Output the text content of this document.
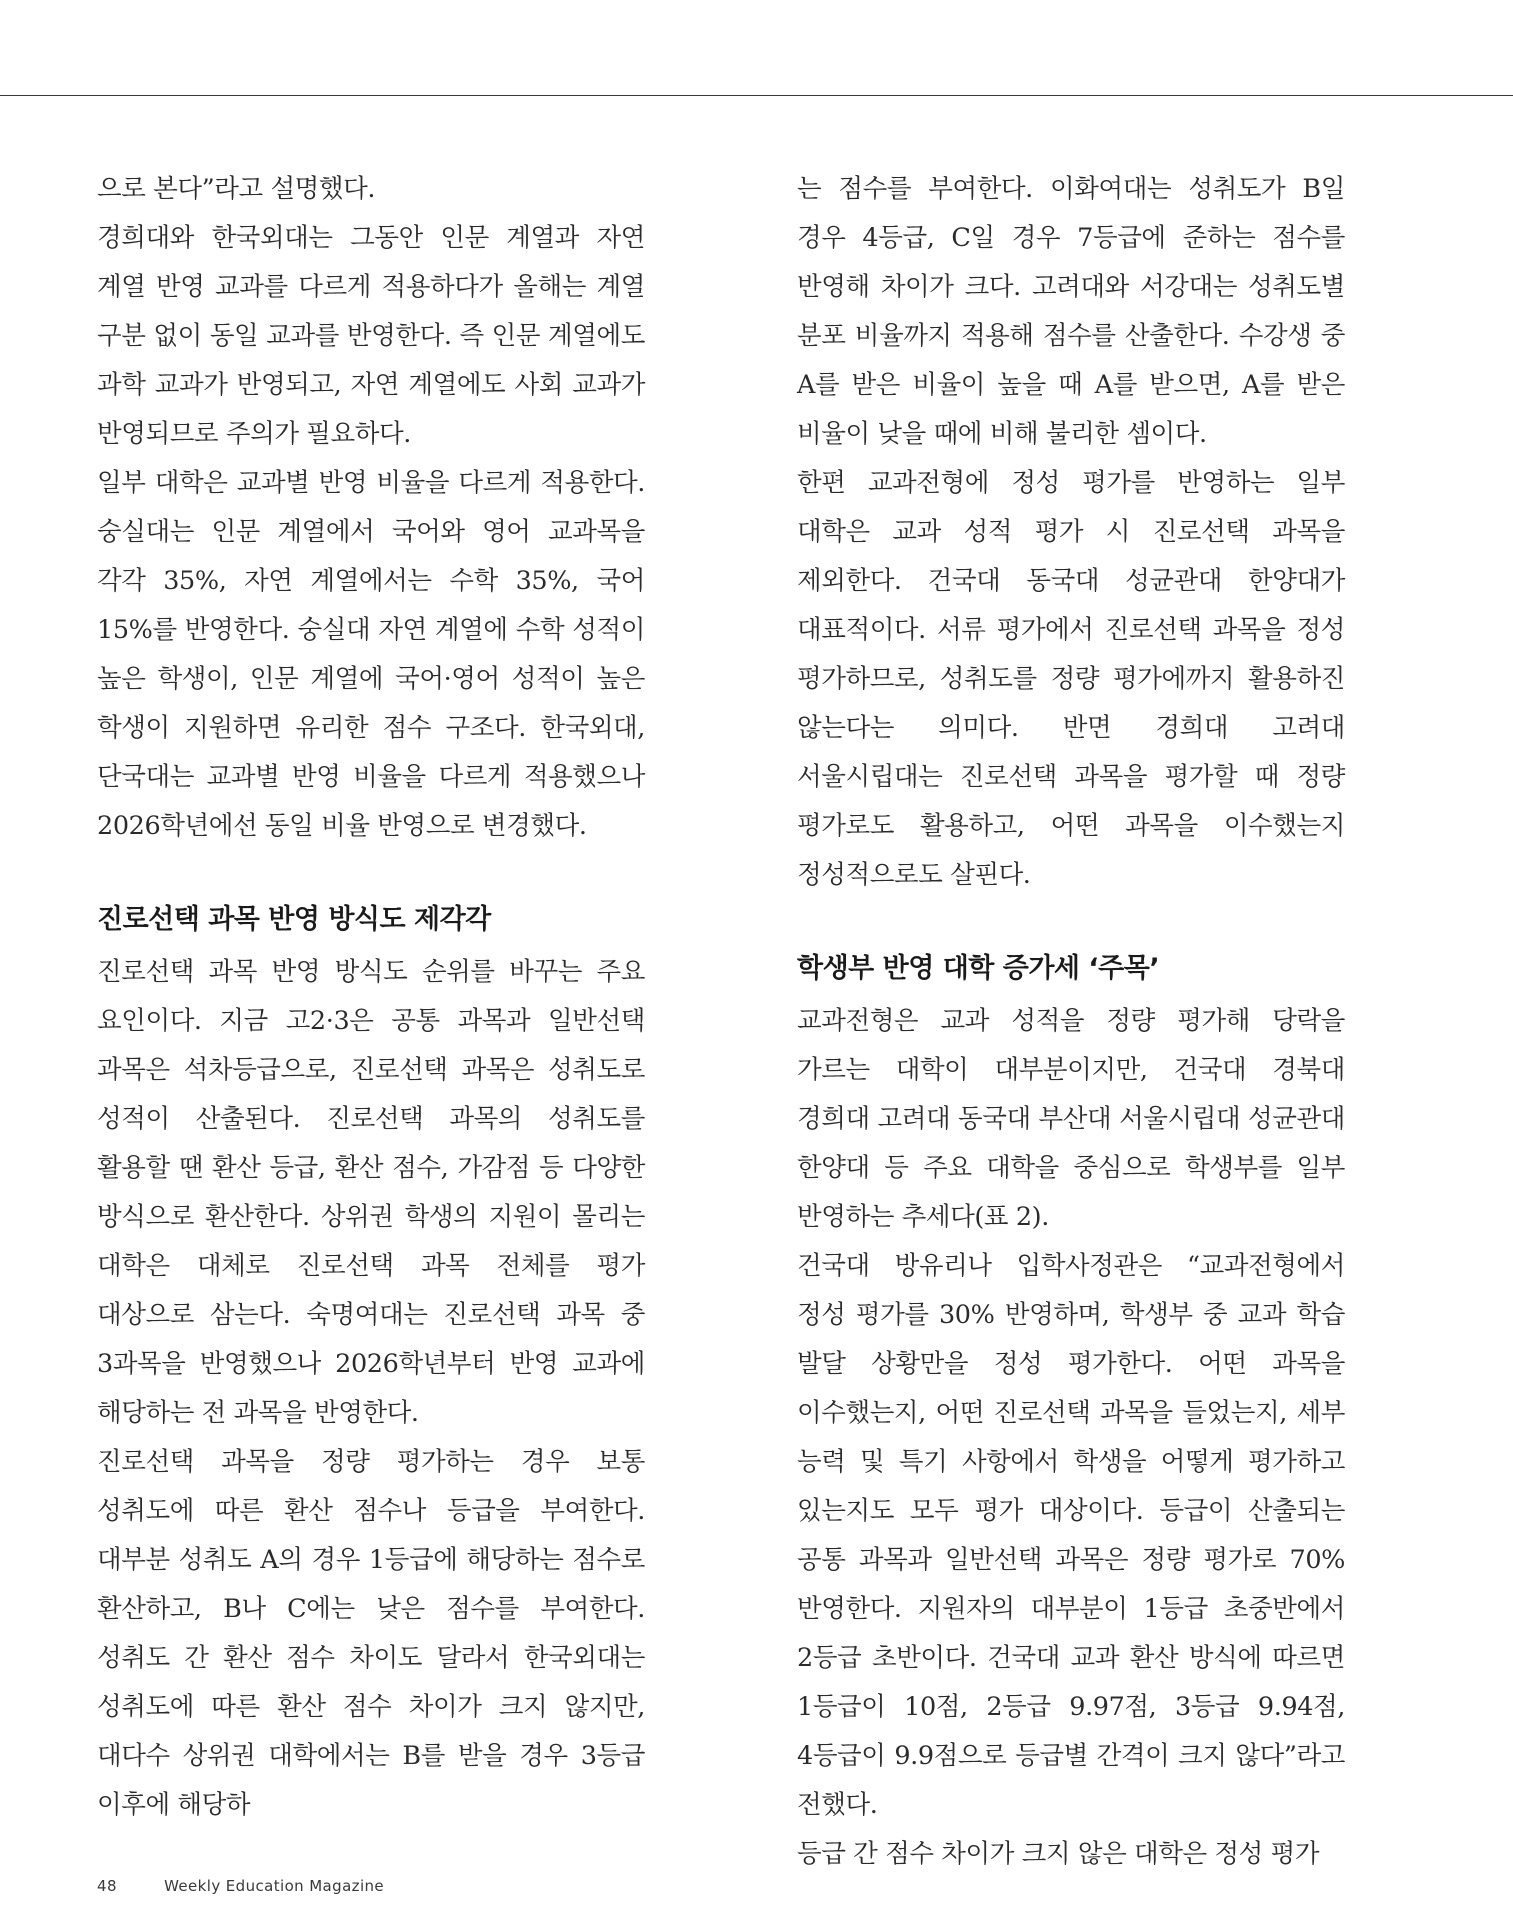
으로 본다”라고 설명했다.

경희대와 한국외대는 그동안 인문 계열과 자연 계열 반영 교과를 다르게 적용하다가 올해는 계열 구분 없이 동일 교과를 반영한다. 즉 인문 계열에도 과학 교과가 반영되고, 자연 계열에도 사회 교과가 반영되므로 주의가 필요하다.

일부 대학은 교과별 반영 비율을 다르게 적용한다. 숭실대는 인문 계열에서 국어와 영어 교과목을 각각 35%, 자연 계열에서는 수학 35%, 국어 15%를 반영한다. 숭실대 자연 계열에 수학 성적이 높은 학생이, 인문 계열에 국어·영어 성적이 높은 학생이 지원하면 유리한 점수 구조다. 한국외대, 단국대는 교과별 반영 비율을 다르게 적용했으나 2026학년에선 동일 비율 반영으로 변경했다.

진로선택 과목 반영 방식도 제각각

진로선택 과목 반영 방식도 순위를 바꾸는 주요 요인이다. 지금 고2·3은 공통 과목과 일반선택 과목은 석차등급으로, 진로선택 과목은 성취도로 성적이 산출된다. 진로선택 과목의 성취도를 활용할 땐 환산 등급, 환산 점수, 가감점 등 다양한 방식으로 환산한다. 상위권 학생의 지원이 몰리는 대학은 대체로 진로선택 과목 전체를 평가 대상으로 삼는다. 숙명여대는 진로선택 과목 중 3과목을 반영했으나 2026학년부터 반영 교과에 해당하는 전 과목을 반영한다.

진로선택 과목을 정량 평가하는 경우 보통 성취도에 따른 환산 점수나 등급을 부여한다. 대부분 성취도 A의 경우 1등급에 해당하는 점수로 환산하고, B나 C에는 낮은 점수를 부여한다. 성취도 간 환산 점수 차이도 달라서 한국외대는 성취도에 따른 환산 점수 차이가 크지 않지만, 대다수 상위권 대학에서는 B를 받을 경우 3등급 이후에 해당하

는 점수를 부여한다. 이화여대는 성취도가 B일 경우 4등급, C일 경우 7등급에 준하는 점수를 반영해 차이가 크다. 고려대와 서강대는 성취도별 분포 비율까지 적용해 점수를 산출한다. 수강생 중 A를 받은 비율이 높을 때 A를 받으면, A를 받은 비율이 낮을 때에 비해 불리한 셈이다.

한편 교과전형에 정성 평가를 반영하는 일부 대학은 교과 성적 평가 시 진로선택 과목을 제외한다. 건국대 동국대 성균관대 한양대가 대표적이다. 서류 평가에서 진로선택 과목을 정성 평가하므로, 성취도를 정량 평가에까지 활용하진 않는다는 의미다. 반면 경희대 고려대 서울시립대는 진로선택 과목을 평가할 때 정량 평가로도 활용하고, 어떤 과목을 이수했는지 정성적으로도 살핀다.

학생부 반영 대학 증가세 ‘주목’

교과전형은 교과 성적을 정량 평가해 당락을 가르는 대학이 대부분이지만, 건국대 경북대 경희대 고려대 동국대 부산대 서울시립대 성균관대 한양대 등 주요 대학을 중심으로 학생부를 일부 반영하는 추세다(표 2).

건국대 방유리나 입학사정관은 “교과전형에서 정성 평가를 30% 반영하며, 학생부 중 교과 학습 발달 상황만을 정성 평가한다. 어떤 과목을 이수했는지, 어떤 진로선택 과목을 들었는지, 세부 능력 및 특기 사항에서 학생을 어떻게 평가하고 있는지도 모두 평가 대상이다. 등급이 산출되는 공통 과목과 일반선택 과목은 정량 평가로 70% 반영한다. 지원자의 대부분이 1등급 초중반에서 2등급 초반이다. 건국대 교과 환산 방식에 따르면 1등급이 10점, 2등급 9.97점, 3등급 9.94점, 4등급이 9.9점으로 등급별 간격이 크지 않다”라고 전했다.

등급 간 점수 차이가 크지 않은 대학은 정성 평가

48	Weekly Education Magazine
